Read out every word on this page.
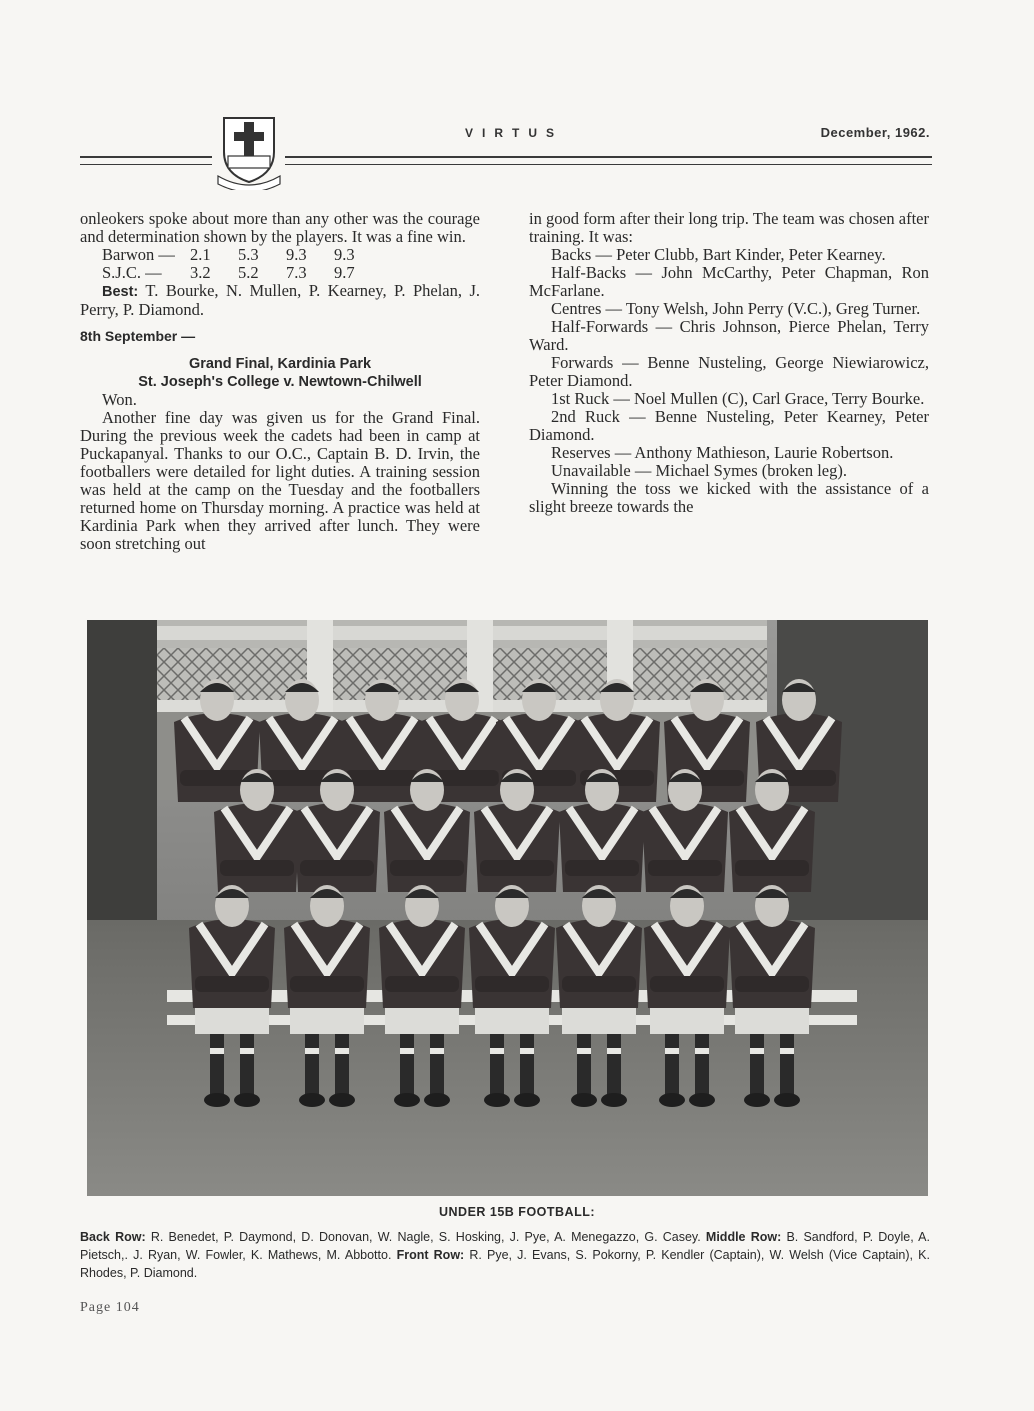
VIRTUS	December, 1962.

onleokers spoke about more than any other was the courage and determination shown by the players. It was a fine win.

Barwon — 2.1	5.3	9.3	9.3
S.J.C. —	3.2	5.2	7.3	9.7

Best: T. Bourke, N. Mullen, P. Kearney, P. Phelan, J. Perry, P. Diamond.

8th September —
Grand Final, Kardinia Park
St. Joseph's College v. Newtown-Chilwell

Won.

Another fine day was given us for the Grand Final. During the previous week the cadets had been in camp at Puckapanyal. Thanks to our O.C., Captain B. D. Irvin, the footballers were detailed for light duties. A training session was held at the camp on the Tuesday and the footballers returned home on Thursday morning. A practice was held at Kardinia Park when they arrived after lunch. They were soon stretching out

in good form after their long trip. The team was chosen after training. It was:

Backs — Peter Clubb, Bart Kinder, Peter Kearney.

Half-Backs — John McCarthy, Peter Chapman, Ron McFarlane.

Centres — Tony Welsh, John Perry (V.C.), Greg Turner.

Half-Forwards — Chris Johnson, Pierce Phelan, Terry Ward.

Forwards — Benne Nusteling, George Niewiarowicz, Peter Diamond.

1st Ruck — Noel Mullen (C), Carl Grace, Terry Bourke.

2nd Ruck — Benne Nusteling, Peter Kearney, Peter Diamond.

Reserves — Anthony Mathieson, Laurie Robertson.

Unavailable — Michael Symes (broken leg).

Winning the toss we kicked with the assistance of a slight breeze towards the

UNDER 15B FOOTBALL:
Back Row: R. Benedet, P. Daymond, D. Donovan, W. Nagle, S. Hosking, J. Pye, A. Menegazzo, G. Casey. Middle Row: B. Sandford, P. Doyle, A. Pietsch,. J. Ryan, W. Fowler, K. Mathews, M. Abbotto. Front Row: R. Pye, J. Evans, S. Pokorny, P. Kendler (Captain), W. Welsh (Vice Captain), K. Rhodes, P. Diamond.
Page 104
